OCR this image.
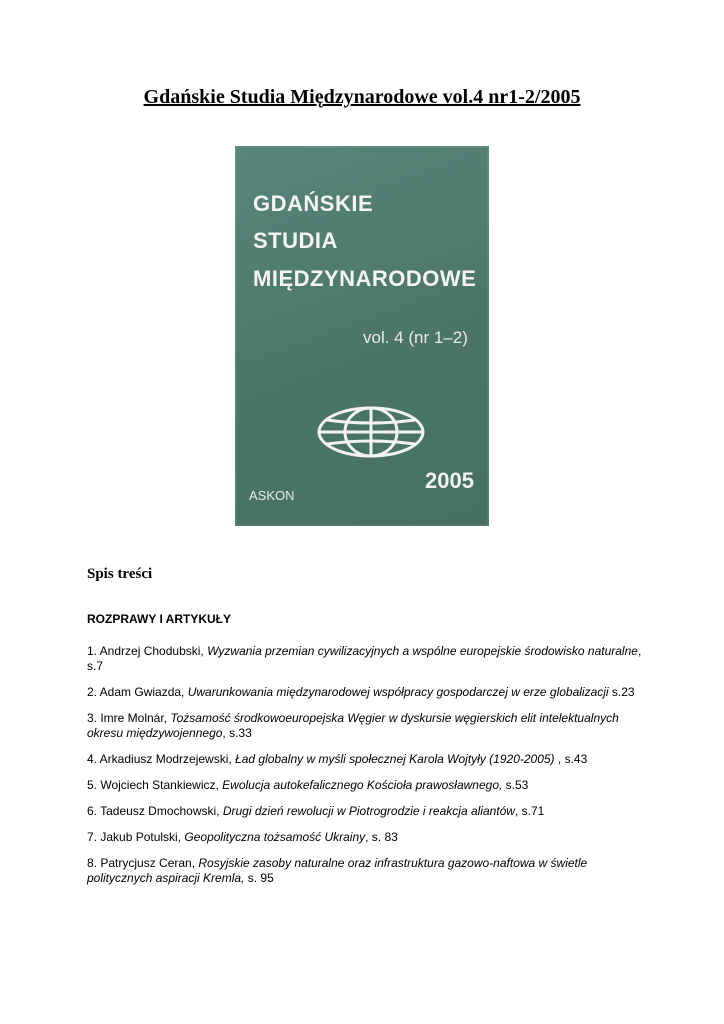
Gdańskie Studia Międzynarodowe vol.4 nr1-2/2005
GDAŃSKIE
STUDIA
MIĘDZYNARODOWE
vol. 4 (nr 1–2)
2005
ASKON
Spis treści
ROZPRAWY I ARTYKUŁY
1. Andrzej Chodubski, Wyzwania przemian cywilizacyjnych a wspólne europejskie środowisko naturalne, s.7
2. Adam Gwiazda, Uwarunkowania międzynarodowej współpracy gospodarczej w erze globalizacji s.23
3. Imre Molnár, Tożsamość środkowoeuropejska Węgier w dyskursie węgierskich elit intelektualnych okresu międzywojennego, s.33
4. Arkadiusz Modrzejewski, Ład globalny w myśli społecznej Karola Wojtyły (1920-2005) , s.43
5. Wojciech Stankiewicz, Ewolucja autokefalicznego Kościoła prawosławnego, s.53
6. Tadeusz Dmochowski, Drugi dzień rewolucji w Piotrogrodzie i reakcja aliantów, s.71
7. Jakub Potulski, Geopolityczna tożsamość Ukrainy, s. 83
8. Patrycjusz Ceran, Rosyjskie zasoby naturalne oraz infrastruktura gazowo-naftowa w świetle politycznych aspiracji Kremla, s. 95
